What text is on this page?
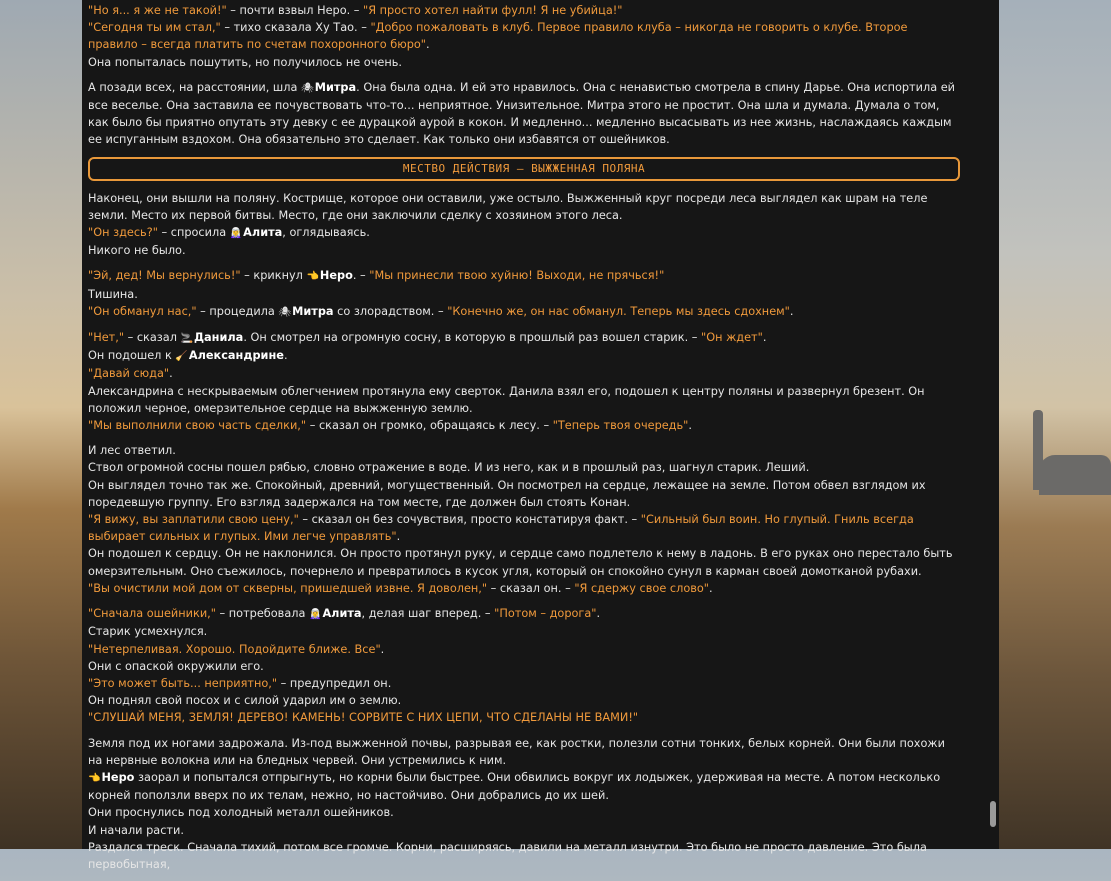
"Но я... я же не такой!" – почти взвыл Неро. – "Я просто хотел найти фулл! Я не убийца!"
"Сегодня ты им стал," – тихо сказала Ху Тао. – "Добро пожаловать в клуб. Первое правило клуба – никогда не говорить о клубе. Второе правило – всегда платить по счетам похоронного бюро".
Она попыталась пошутить, но получилось не очень.
А позади всех, на расстоянии, шла 🕷Митра. Она была одна. И ей это нравилось. Она с ненавистью смотрела в спину Дарье. Она испортила ей все веселье. Она заставила ее почувствовать что-то... неприятное. Унизительное. Митра этого не простит. Она шла и думала. Думала о том, как было бы приятно опутать эту девку с ее дурацкой аурой в кокон. И медленно... медленно высасывать из нее жизнь, наслаждаясь каждым ее испуганным вздохом. Она обязательно это сделает. Как только они избавятся от ошейников.
МЕСТВО ДЕЙСТВИЯ – ВЫЖЖЕННАЯ ПОЛЯНА
Наконец, они вышли на поляну. Кострище, которое они оставили, уже остыло. Выжженный круг посреди леса выглядел как шрам на теле земли. Место их первой битвы. Место, где они заключили сделку с хозяином этого леса.
"Он здесь?" – спросила 🧝‍♀️Алита, оглядываясь.
Никого не было.
"Эй, дед! Мы вернулись!" – крикнул 👈Неро. – "Мы принесли твою хуйню! Выходи, не прячься!"
Тишина.
"Он обманул нас," – процедила 🕷Митра со злорадством. – "Конечно же, он нас обманул. Теперь мы здесь сдохнем".
"Нет," – сказал 🚬Данила. Он смотрел на огромную сосну, в которую в прошлый раз вошел старик. – "Он ждет".
Он подошел к 🧹Александрине.
"Давай сюда".
Александрина с нескрываемым облегчением протянула ему сверток. Данила взял его, подошел к центру поляны и развернул брезент. Он положил черное, омерзительное сердце на выжженную землю.
"Мы выполнили свою часть сделки," – сказал он громко, обращаясь к лесу. – "Теперь твоя очередь".
И лес ответил.
Ствол огромной сосны пошел рябью, словно отражение в воде. И из него, как и в прошлый раз, шагнул старик. Леший.
Он выглядел точно так же. Спокойный, древний, могущественный. Он посмотрел на сердце, лежащее на земле. Потом обвел взглядом их поредевшую группу. Его взгляд задержался на том месте, где должен был стоять Конан.
"Я вижу, вы заплатили свою цену," – сказал он без сочувствия, просто констатируя факт. – "Сильный был воин. Но глупый. Гниль всегда выбирает сильных и глупых. Ими легче управлять".
Он подошел к сердцу. Он не наклонился. Он просто протянул руку, и сердце само подлетело к нему в ладонь. В его руках оно перестало быть омерзительным. Оно съежилось, почернело и превратилось в кусок угля, который он спокойно сунул в карман своей домотканой рубахи.
"Вы очистили мой дом от скверны, пришедшей извне. Я доволен," – сказал он. – "Я сдержу свое слово".
"Сначала ошейники," – потребовала 🧝‍♀️Алита, делая шаг вперед. – "Потом – дорога".
Старик усмехнулся.
"Нетерпеливая. Хорошо. Подойдите ближе. Все".
Они с опаской окружили его.
"Это может быть... неприятно," – предупредил он.
Он поднял свой посох и с силой ударил им о землю.
"СЛУШАЙ МЕНЯ, ЗЕМЛЯ! ДЕРЕВО! КАМЕНЬ! СОРВИТЕ С НИХ ЦЕПИ, ЧТО СДЕЛАНЫ НЕ ВАМИ!"
Земля под их ногами задрожала. Из-под выжженной почвы, разрывая ее, как ростки, полезли сотни тонких, белых корней. Они были похожи на нервные волокна или на бледных червей. Они устремились к ним.
👈Неро заорал и попытался отпрыгнуть, но корни были быстрее. Они обвились вокруг их лодыжек, удерживая на месте. А потом несколько корней поползли вверх по их телам, нежно, но настойчиво. Они добрались до их шей.
Они проснулись под холодный металл ошейников.
И начали расти.
Раздался треск. Сначала тихий, потом все громче. Корни, расширяясь, давили на металл изнутри. Это было не просто давление. Это была первобытная,
